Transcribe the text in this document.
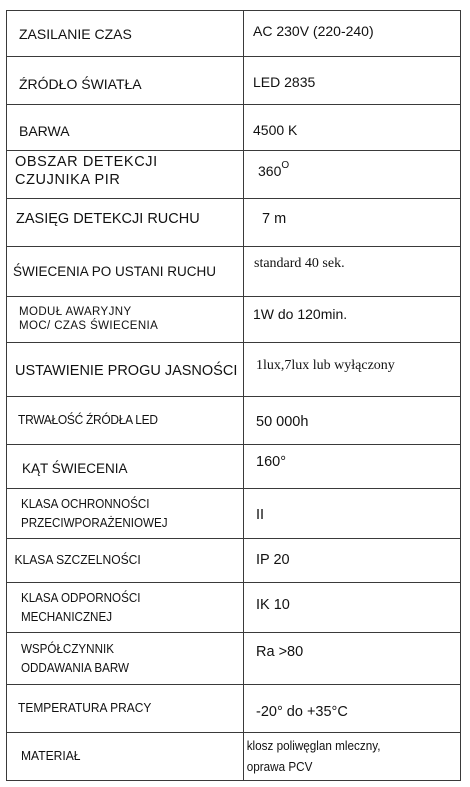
ZASILANIE CZAS	AC 230V (220-240)

ŹRÓDŁO ŚWIATŁA	LED 2835

BARWA	4500 K

OBSZAR DETEKCJI
CZUJNIKA PIR	$360^O$

ZASIĘG DETEKCJI RUCHU	7 m

ŚWIECENIA PO USTANI RUCHU	standard 40 sek.

MODUŁ AWARYJNY
MOC/ CZAS ŚWIECENIA	1W do 120min.

USTAWIENIE PROGU JASNOŚCI	1lux,7lux lub wyłączony

TRWAŁOŚĆ ŹRÓDŁA LED	50 000h

KĄT ŚWIECENIA	160°

KLASA OCHRONNOŚCI
PRZECIWPORAŻENIOWEJ	II

KLASA SZCZELNOŚCI	IP 20

KLASA ODPORNOŚCI
MECHANICZNEJ	IK 10

WSPÓŁCZYNNIK
ODDAWANIA BARW	Ra >80

TEMPERATURA PRACY	-20° do +35°C

MATERIAŁ	klosz poliwęglan mleczny,
oprawa PCV
